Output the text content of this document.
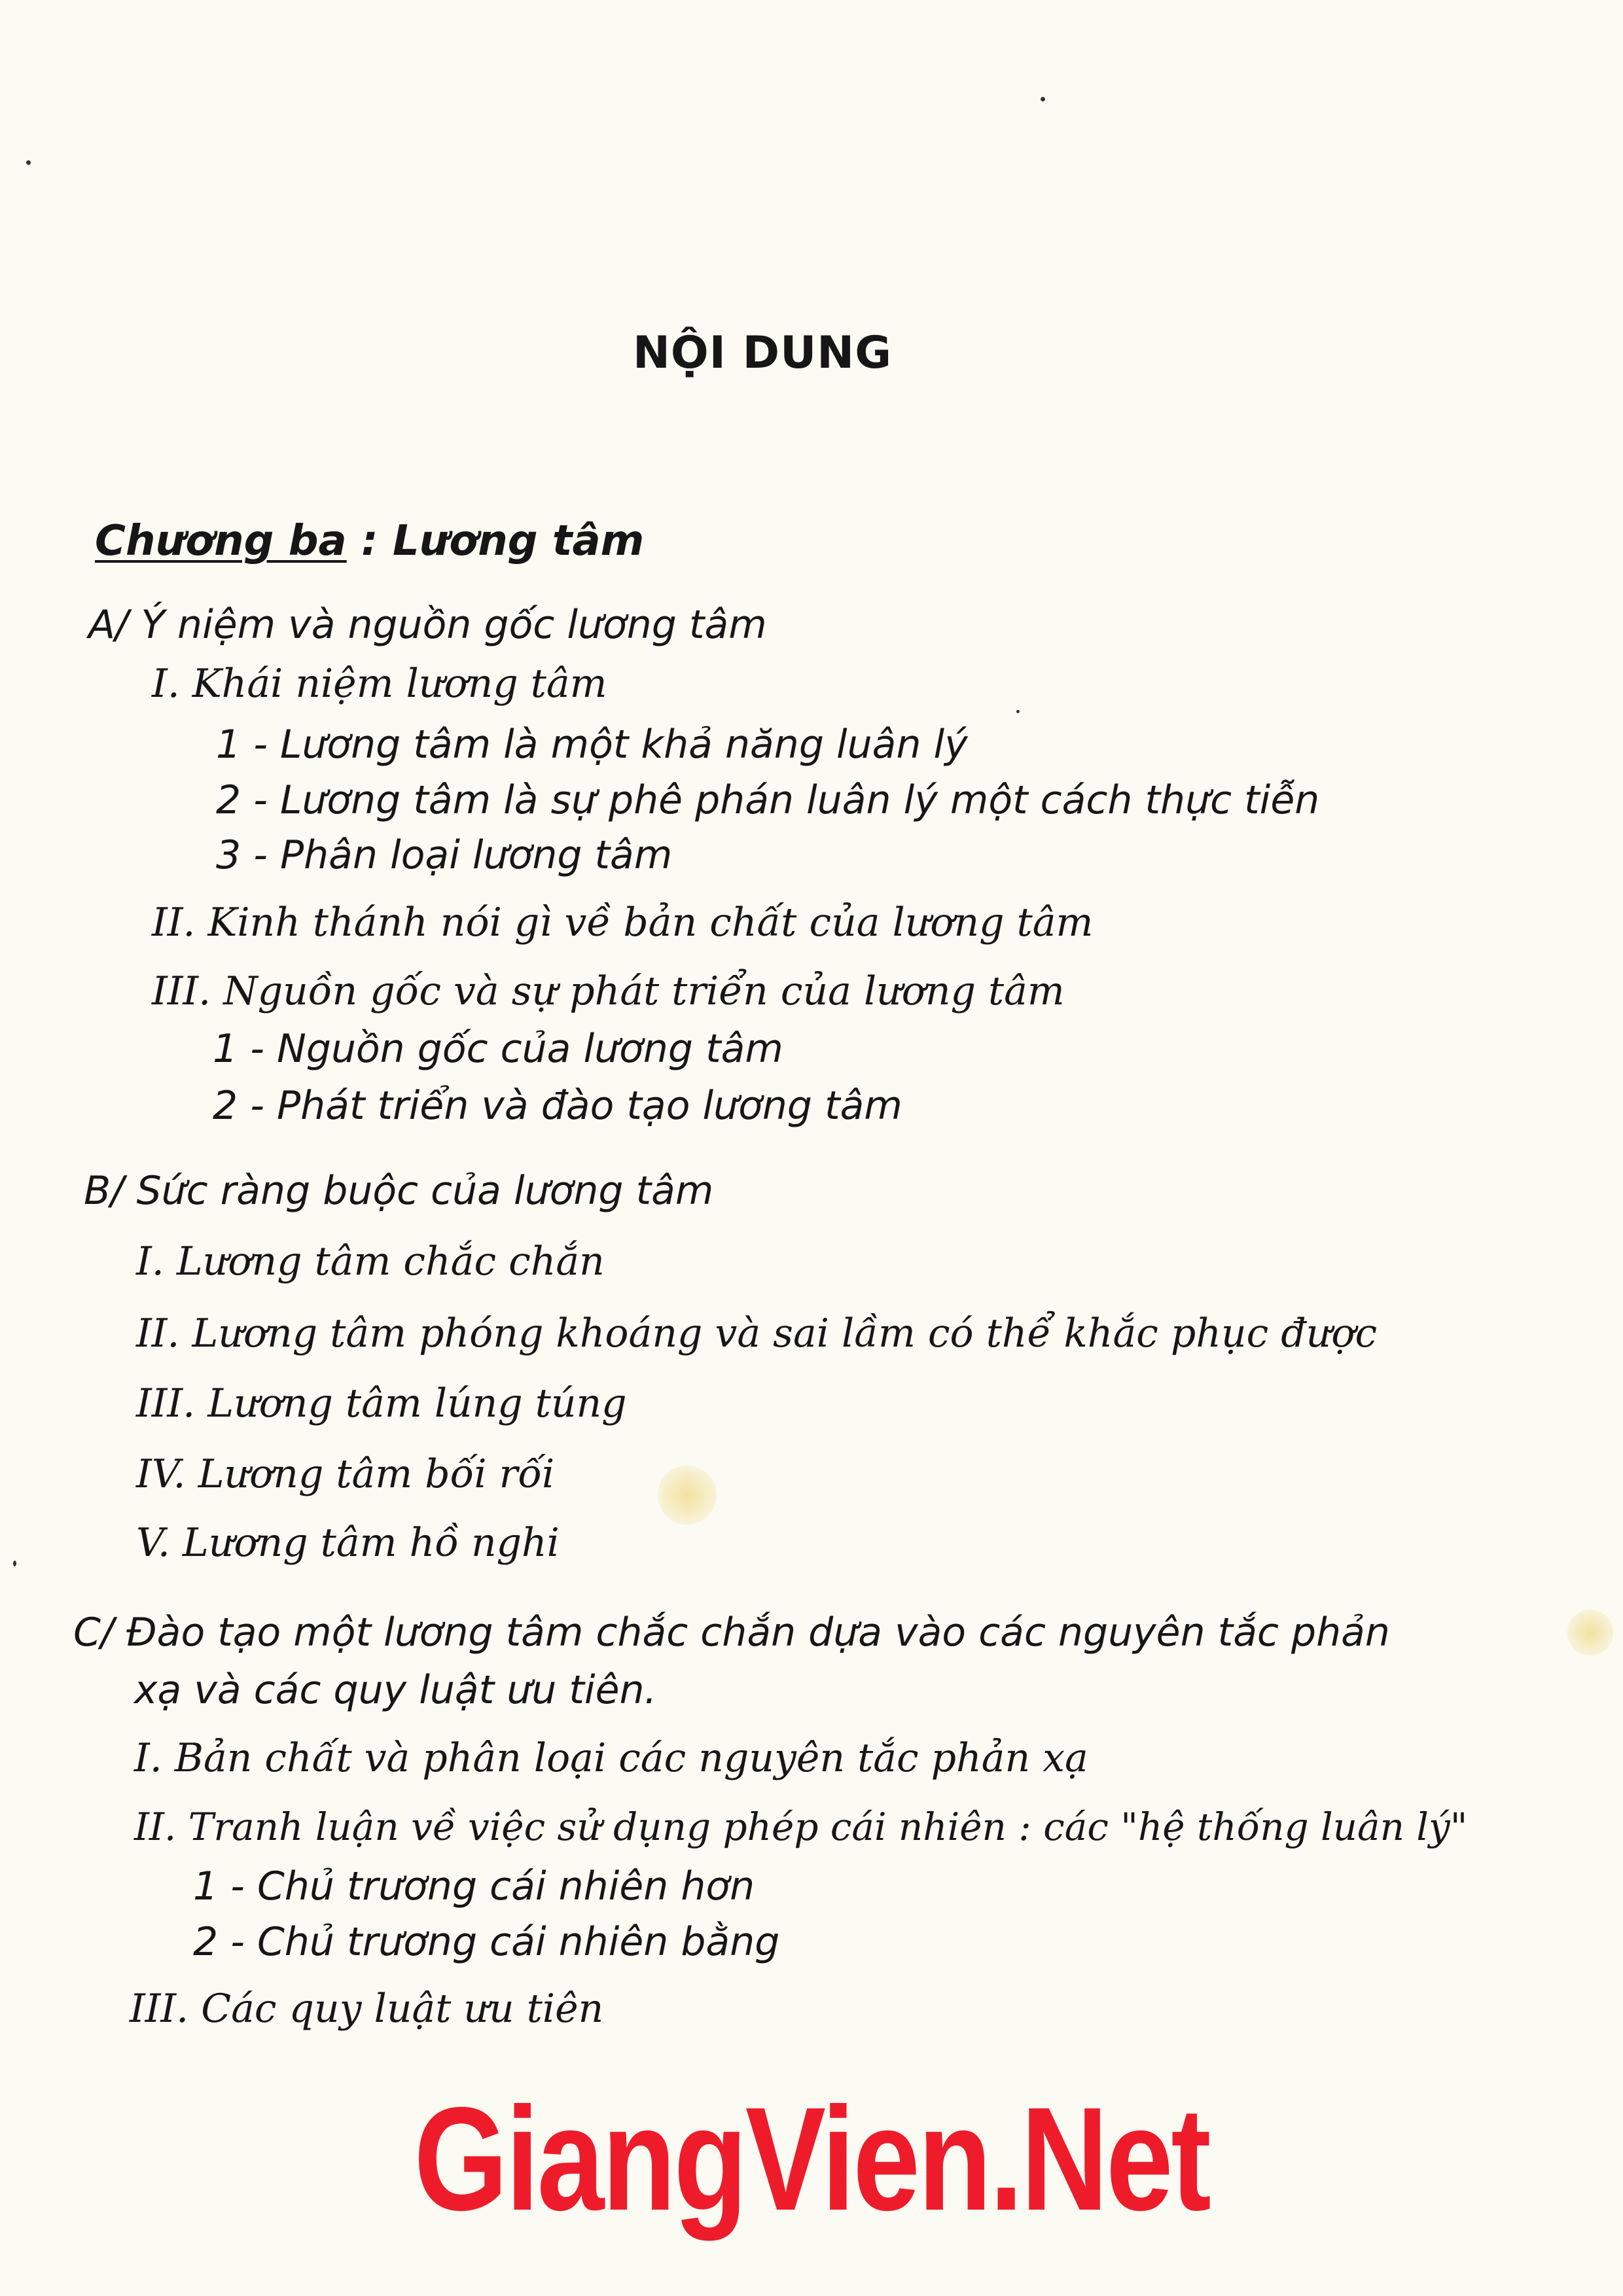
NỘI DUNG
Chương ba : Lương tâm
A/ Ý niệm và nguồn gốc lương tâm
I. Khái niệm lương tâm
1 - Lương tâm là một khả năng luân lý
2 - Lương tâm là sự phê phán luân lý một cách thực tiễn
3 - Phân loại lương tâm
II. Kinh thánh nói gì về bản chất của lương tâm
III. Nguồn gốc và sự phát triển của lương tâm
1 - Nguồn gốc của lương tâm
2 - Phát triển và đào tạo lương tâm
B/ Sức ràng buộc của lương tâm
I. Lương tâm chắc chắn
II. Lương tâm phóng khoáng và sai lầm có thể khắc phục được
III. Lương tâm lúng túng
IV. Lương tâm bối rối
V. Lương tâm hồ nghi
C/ Đào tạo một lương tâm chắc chắn dựa vào các nguyên tắc phản
xạ và các quy luật ưu tiên.
I. Bản chất và phân loại các nguyên tắc phản xạ
II. Tranh luận về việc sử dụng phép cái nhiên : các "hệ thống luân lý"
1 - Chủ trương cái nhiên hơn
2 - Chủ trương cái nhiên bằng
III. Các quy luật ưu tiên
GiangVien.Net
